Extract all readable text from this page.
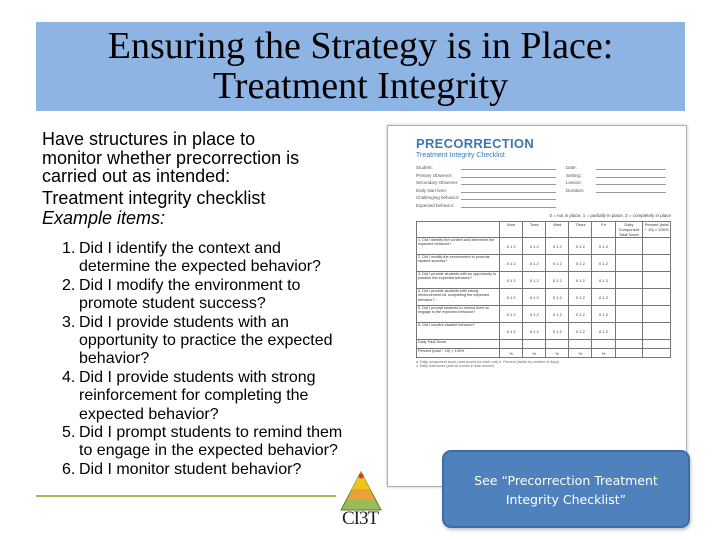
Ensuring the Strategy is in Place:
Treatment Integrity
Have structures in place to
monitor whether precorrection is
carried out as intended:
Treatment integrity checklist
Example items:
1. Did I identify the context and determine the expected behavior?
2. Did I modify the environment to promote student success?
3. Did I provide students with an opportunity to practice the expected behavior?
4. Did I provide students with strong reinforcement for completing the expected behavior?
5. Did I prompt students to remind them to engage in the expected behavior?
6. Did I monitor student behavior?
CI3T
PRECORRECTION
Treatment Integrity Checklist
Student:	Date:
Primary Observer:	Setting:
Secondary Observer:	Lesson:
Daily start time:	Duration:
Challenging behavior:
Expected behavior:
0 = not in place, 1 = partially in place, 2 = completely in place
	Mon	Tues	Wed	Thurs	Fri	Daily Component Total Score	Percent (total ÷ 10) × 100%
1. Did I identify the context and determine the expected behavior?	0 1 2	0 1 2	0 1 2	0 1 2	0 1 2		
2. Did I modify the environment to promote student success?	0 1 2	0 1 2	0 1 2	0 1 2	0 1 2		
3. Did I provide students with an opportunity to practice the expected behavior?	0 1 2	0 1 2	0 1 2	0 1 2	0 1 2		
4. Did I provide students with strong reinforcement for completing the expected behavior?	0 1 2	0 1 2	0 1 2	0 1 2	0 1 2		
5. Did I prompt students to remind them to engage in the expected behavior?	0 1 2	0 1 2	0 1 2	0 1 2	0 1 2		
6. Did I monitor student behavior?	0 1 2	0 1 2	0 1 2	0 1 2	0 1 2		
Daily Total Score							
Percent (total ÷ 10) × 100%	%	%	%	%	%		
a. Daily component score (add scores for each row) b. Percent (divide by number of days)
c. Daily total score (add all scores in that column)
See “Precorrection Treatment
Integrity Checklist”
